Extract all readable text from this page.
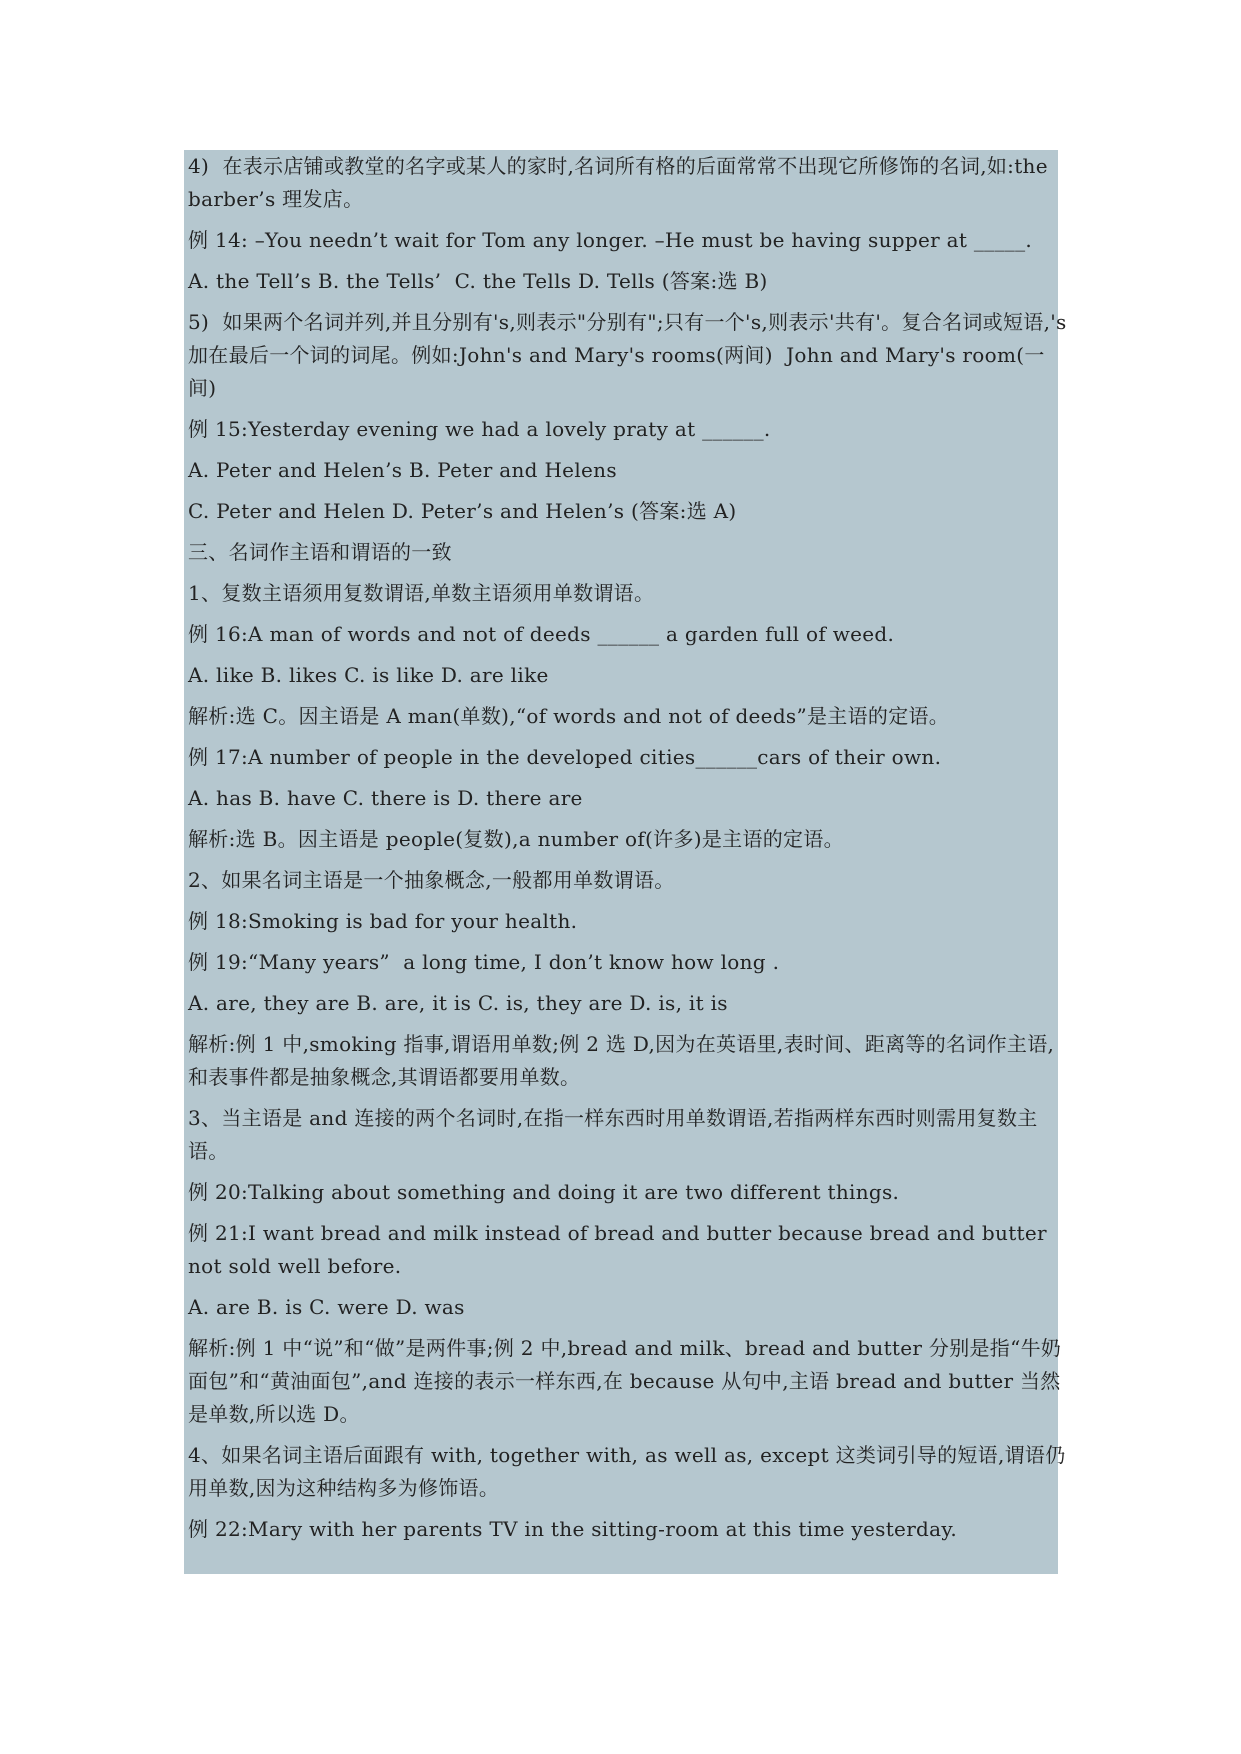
4)  在表示店铺或教堂的名字或某人的家时,名词所有格的后面常常不出现它所修饰的名词,如:the barber’s 理发店。

例 14: –You needn’t wait for Tom any longer. –He must be having supper at _____.

A. the Tell’s B. the Tells’  C. the Tells D. Tells (答案:选 B)

5)  如果两个名词并列,并且分别有's,则表示"分别有";只有一个's,则表示'共有'。复合名词或短语,'s 加在最后一个词的词尾。例如:John's and Mary's rooms(两间)  John and Mary's room(一间)

例 15:Yesterday evening we had a lovely praty at ______.

A. Peter and Helen’s B. Peter and Helens

C. Peter and Helen D. Peter’s and Helen’s (答案:选 A)

三、名词作主语和谓语的一致

1、复数主语须用复数谓语,单数主语须用单数谓语。

例 16:A man of words and not of deeds ______ a garden full of weed.

A. like B. likes C. is like D. are like

解析:选 C。因主语是 A man(单数),“of words and not of deeds”是主语的定语。

例 17:A number of people in the developed cities______cars of their own.

A. has B. have C. there is D. there are

解析:选 B。因主语是 people(复数),a number of(许多)是主语的定语。

2、如果名词主语是一个抽象概念,一般都用单数谓语。

例 18:Smoking is bad for your health.

例 19:“Many years”  a long time, I don’t know how long .

A. are, they are B. are, it is C. is, they are D. is, it is

解析:例 1 中,smoking 指事,谓语用单数;例 2 选 D,因为在英语里,表时间、距离等的名词作主语,和表事件都是抽象概念,其谓语都要用单数。

3、当主语是 and 连接的两个名词时,在指一样东西时用单数谓语,若指两样东西时则需用复数主语。

例 20:Talking about something and doing it are two different things.

例 21:I want bread and milk instead of bread and butter because bread and butter not sold well before.

A. are B. is C. were D. was

解析:例 1 中“说”和“做”是两件事;例 2 中,bread and milk、bread and butter 分别是指“牛奶面包”和“黄油面包”,and 连接的表示一样东西,在 because 从句中,主语 bread and butter 当然是单数,所以选 D。

4、如果名词主语后面跟有 with, together with, as well as, except 这类词引导的短语,谓语仍用单数,因为这种结构多为修饰语。

例 22:Mary with her parents TV in the sitting-room at this time yesterday.
